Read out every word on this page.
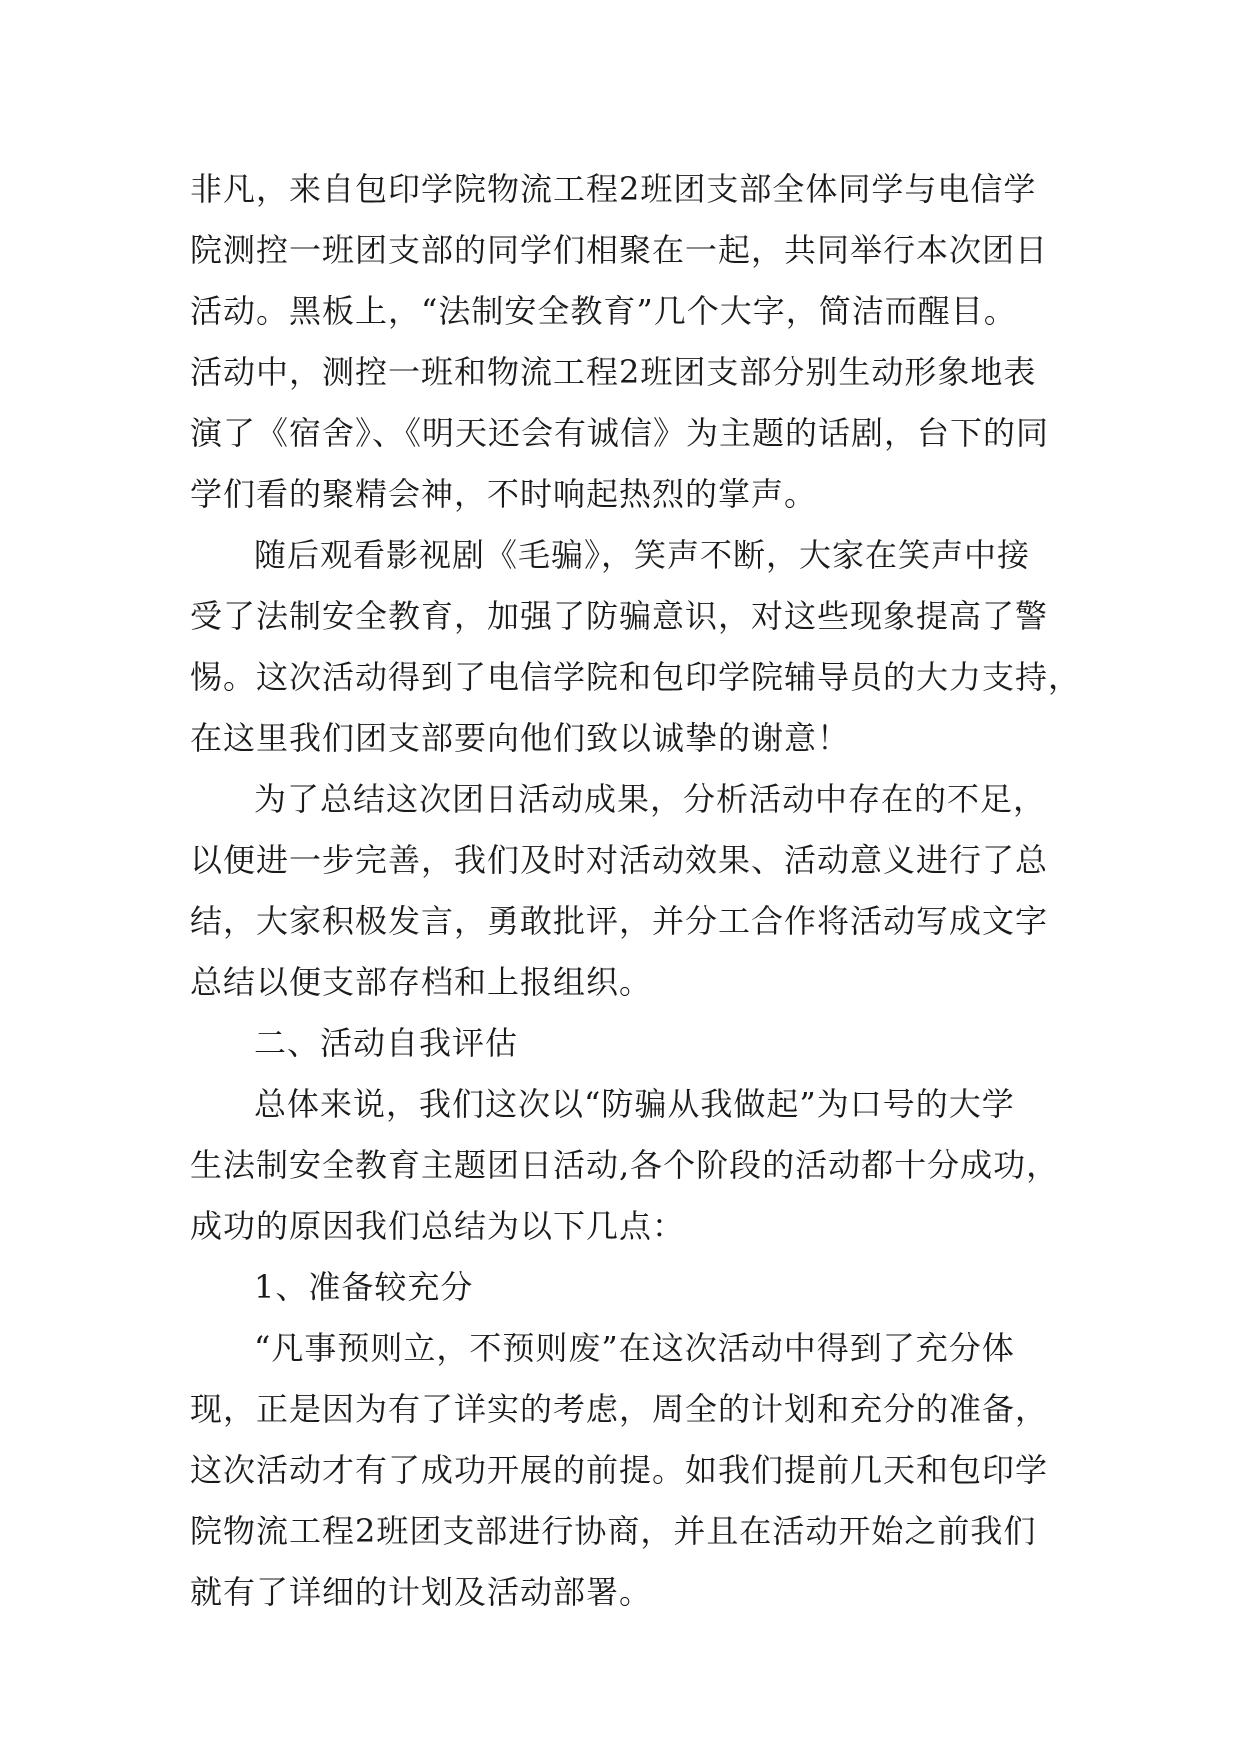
非凡，来自包印学院物流工程2班团支部全体同学与电信学
院测控一班团支部的同学们相聚在一起，共同举行本次团日
活动。黑板上，“法制安全教育”几个大字，简洁而醒目。
活动中，测控一班和物流工程2班团支部分别生动形象地表
演了《宿舍》、《明天还会有诚信》为主题的话剧，台下的同
学们看的聚精会神，不时响起热烈的掌声。
随后观看影视剧《毛骗》，笑声不断，大家在笑声中接
受了法制安全教育，加强了防骗意识，对这些现象提高了警
惕。这次活动得到了电信学院和包印学院辅导员的大力支持，
在这里我们团支部要向他们致以诚挚的谢意！
为了总结这次团日活动成果，分析活动中存在的不足，
以便进一步完善，我们及时对活动效果、活动意义进行了总
结，大家积极发言，勇敢批评，并分工合作将活动写成文字
总结以便支部存档和上报组织。
二、活动自我评估
总体来说，我们这次以“防骗从我做起”为口号的大学
生法制安全教育主题团日活动,各个阶段的活动都十分成功，
成功的原因我们总结为以下几点：
1、准备较充分
“凡事预则立，不预则废”在这次活动中得到了充分体
现，正是因为有了详实的考虑，周全的计划和充分的准备，
这次活动才有了成功开展的前提。如我们提前几天和包印学
院物流工程2班团支部进行协商，并且在活动开始之前我们
就有了详细的计划及活动部署。
